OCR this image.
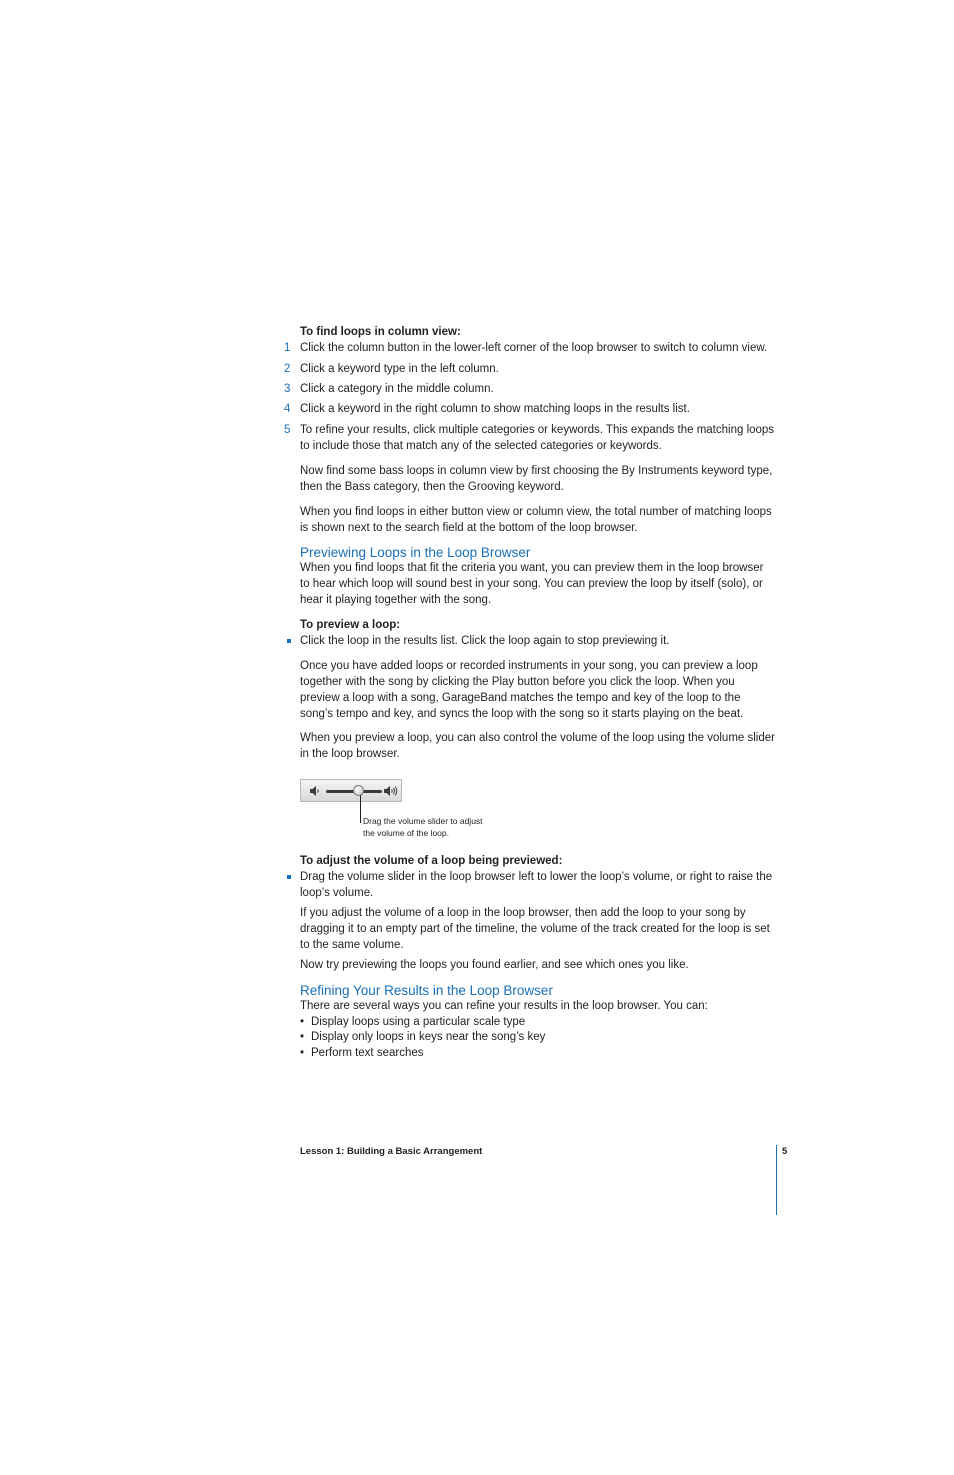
To find loops in column view:

1 Click the column button in the lower-left corner of the loop browser to switch to column view.

2 Click a keyword type in the left column.

3 Click a category in the middle column.

4 Click a keyword in the right column to show matching loops in the results list.

5 To refine your results, click multiple categories or keywords. This expands the matching loops to include those that match any of the selected categories or keywords.

Now find some bass loops in column view by first choosing the By Instruments keyword type, then the Bass category, then the Grooving keyword.

When you find loops in either button view or column view, the total number of matching loops is shown next to the search field at the bottom of the loop browser.

Previewing Loops in the Loop Browser

When you find loops that fit the criteria you want, you can preview them in the loop browser to hear which loop will sound best in your song. You can preview the loop by itself (solo), or hear it playing together with the song.

To preview a loop:

Click the loop in the results list. Click the loop again to stop previewing it.

Once you have added loops or recorded instruments in your song, you can preview a loop together with the song by clicking the Play button before you click the loop. When you preview a loop with a song, GarageBand matches the tempo and key of the loop to the song’s tempo and key, and syncs the loop with the song so it starts playing on the beat.

When you preview a loop, you can also control the volume of the loop using the volume slider in the loop browser.

Drag the volume slider to adjust the volume of the loop.

To adjust the volume of a loop being previewed:

Drag the volume slider in the loop browser left to lower the loop’s volume, or right to raise the loop’s volume.

If you adjust the volume of a loop in the loop browser, then add the loop to your song by dragging it to an empty part of the timeline, the volume of the track created for the loop is set to the same volume.

Now try previewing the loops you found earlier, and see which ones you like.

Refining Your Results in the Loop Browser

There are several ways you can refine your results in the loop browser. You can:

• Display loops using a particular scale type
• Display only loops in keys near the song’s key
• Perform text searches
Lesson 1: Building a Basic Arrangement	5
